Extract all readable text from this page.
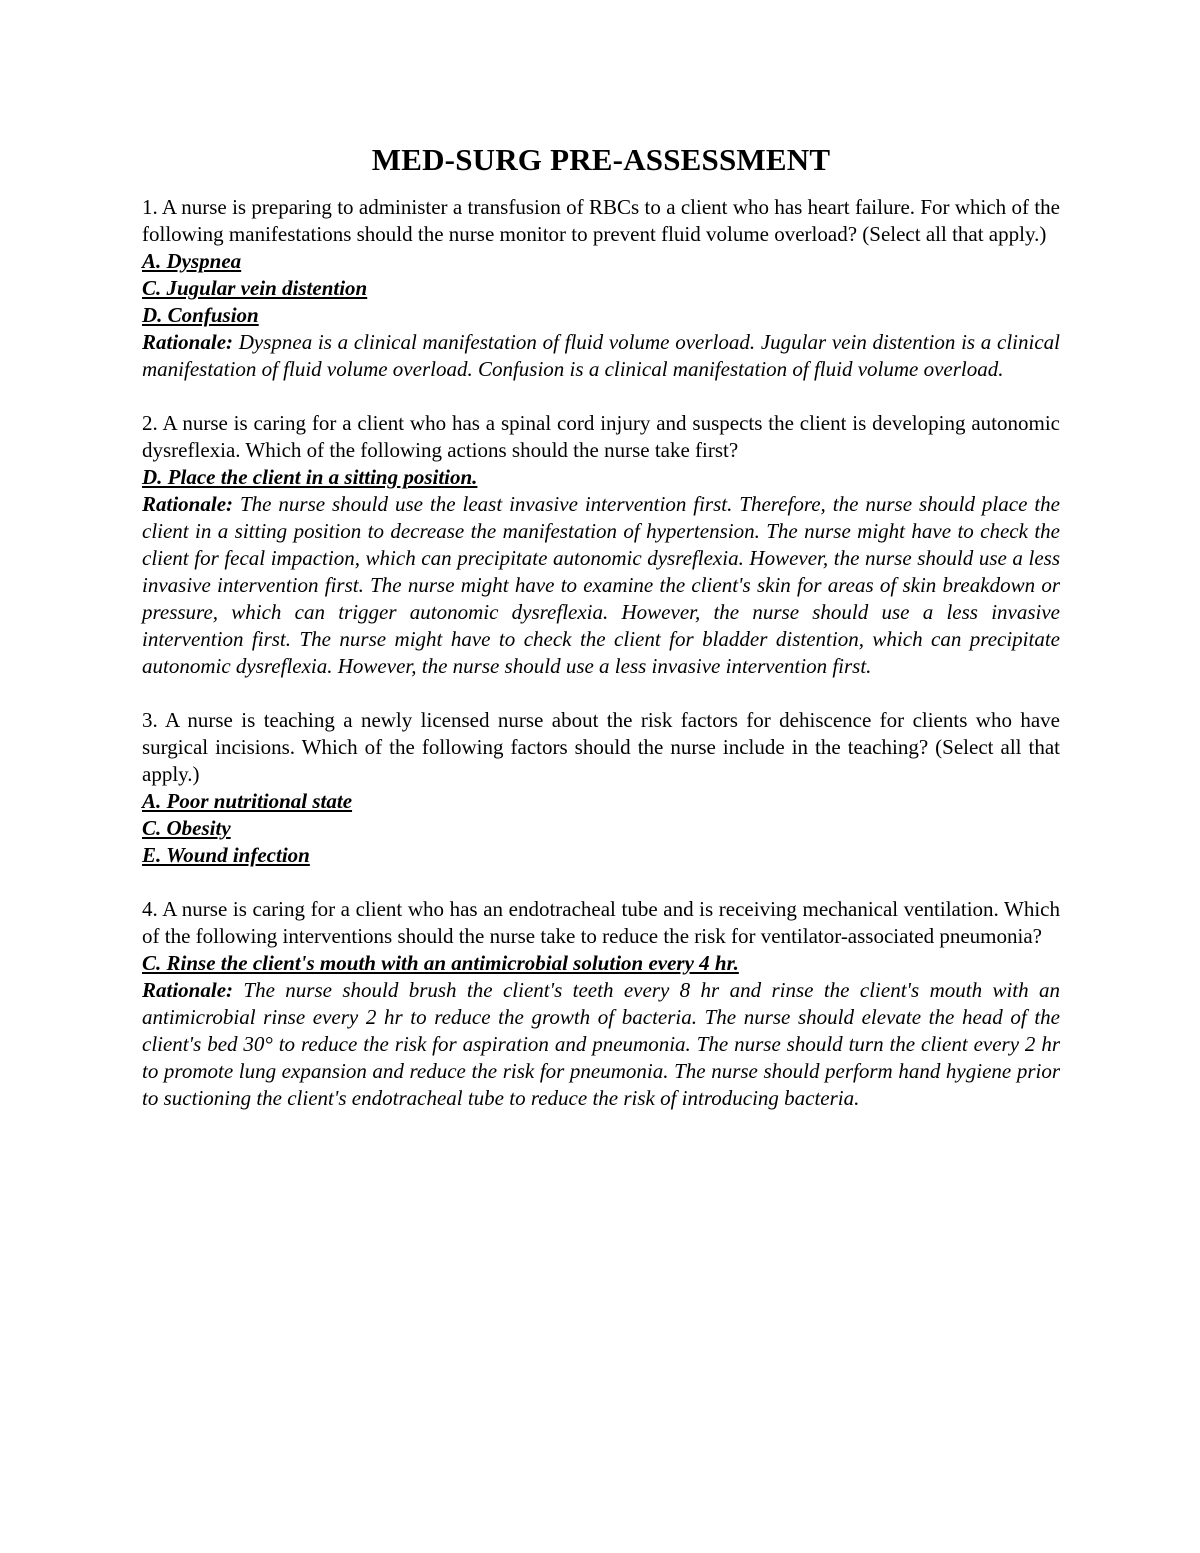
MED-SURG PRE-ASSESSMENT

1. A nurse is preparing to administer a transfusion of RBCs to a client who has heart failure. For which of the following manifestations should the nurse monitor to prevent fluid volume overload? (Select all that apply.)

A. Dyspnea
C. Jugular vein distention
D. Confusion

Rationale: Dyspnea is a clinical manifestation of fluid volume overload. Jugular vein distention is a clinical manifestation of fluid volume overload. Confusion is a clinical manifestation of fluid volume overload.

2. A nurse is caring for a client who has a spinal cord injury and suspects the client is developing autonomic dysreflexia. Which of the following actions should the nurse take first?

D. Place the client in a sitting position.

Rationale: The nurse should use the least invasive intervention first. Therefore, the nurse should place the client in a sitting position to decrease the manifestation of hypertension. The nurse might have to check the client for fecal impaction, which can precipitate autonomic dysreflexia. However, the nurse should use a less invasive intervention first. The nurse might have to examine the client's skin for areas of skin breakdown or pressure, which can trigger autonomic dysreflexia. However, the nurse should use a less invasive intervention first. The nurse might have to check the client for bladder distention, which can precipitate autonomic dysreflexia. However, the nurse should use a less invasive intervention first.

3. A nurse is teaching a newly licensed nurse about the risk factors for dehiscence for clients who have surgical incisions. Which of the following factors should the nurse include in the teaching? (Select all that apply.)

A. Poor nutritional state
C. Obesity
E. Wound infection

4. A nurse is caring for a client who has an endotracheal tube and is receiving mechanical ventilation. Which of the following interventions should the nurse take to reduce the risk for ventilator-associated pneumonia?

C. Rinse the client's mouth with an antimicrobial solution every 4 hr.

Rationale: The nurse should brush the client's teeth every 8 hr and rinse the client's mouth with an antimicrobial rinse every 2 hr to reduce the growth of bacteria. The nurse should elevate the head of the client's bed 30° to reduce the risk for aspiration and pneumonia. The nurse should turn the client every 2 hr to promote lung expansion and reduce the risk for pneumonia. The nurse should perform hand hygiene prior to suctioning the client's endotracheal tube to reduce the risk of introducing bacteria.
